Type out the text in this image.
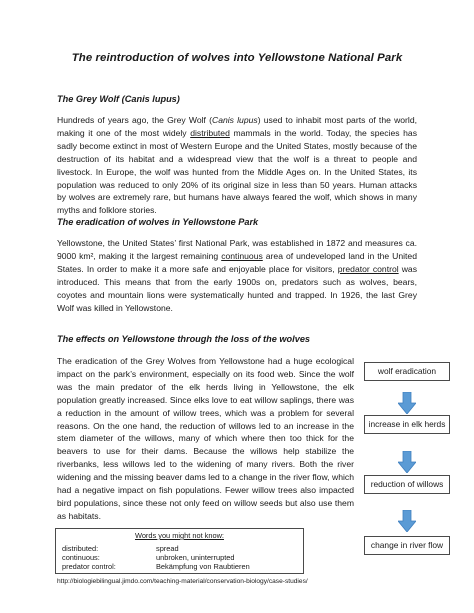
The reintroduction of wolves into Yellowstone National Park
The Grey Wolf (Canis lupus)

Hundreds of years ago, the Grey Wolf (Canis lupus) used to inhabit most parts of the world, making it one of the most widely distributed mammals in the world. Today, the species has sadly become extinct in most of Western Europe and the United States, mostly because of the destruction of its habitat and a widespread view that the wolf is a threat to people and livestock. In Europe, the wolf was hunted from the Middle Ages on. In the United States, its population was reduced to only 20% of its original size in less than 50 years. Human attacks by wolves are extremely rare, but humans have always feared the wolf, which shows in many myths and folklore stories.

The eradication of wolves in Yellowstone Park

Yellowstone, the United States’ first National Park, was established in 1872 and measures ca. 9000 km², making it the largest remaining continuous area of undeveloped land in the United States. In order to make it a more safe and enjoyable place for visitors, predator control was introduced. This means that from the early 1900s on, predators such as wolves, bears, coyotes and mountain lions were systematically hunted and trapped. In 1926, the last Grey Wolf was killed in Yellowstone.

The effects on Yellowstone through the loss of the wolves

The eradication of the Grey Wolves from Yellowstone had a huge ecological impact on the park’s environment, especially on its food web. Since the wolf was the main predator of the elk herds living in Yellowstone, the elk population greatly increased. Since elks love to eat willow saplings, there was a reduction in the amount of willow trees, which was a problem for several reasons. On the one hand, the reduction of willows led to an increase in the stem diameter of the willows, many of which where then too thick for the beavers to use for their dams. Because the willows help stabilize the riverbanks, less willows led to the widening of many rivers. Both the river widening and the missing beaver dams led to a change in the river flow, which had a negative impact on fish populations. Fewer willow trees also impacted bird populations, since these not only feed on willow seeds but also use them as habitats.

wolf eradication
increase in elk herds
reduction of willows
change in river flow
Words you might not know:
distributed:	spread
continuous:	unbroken, uninterrupted
predator control:	Bekämpfung von Raubtieren
http://biologiebilingual.jimdo.com/teaching-material/conservation-biology/case-studies/
